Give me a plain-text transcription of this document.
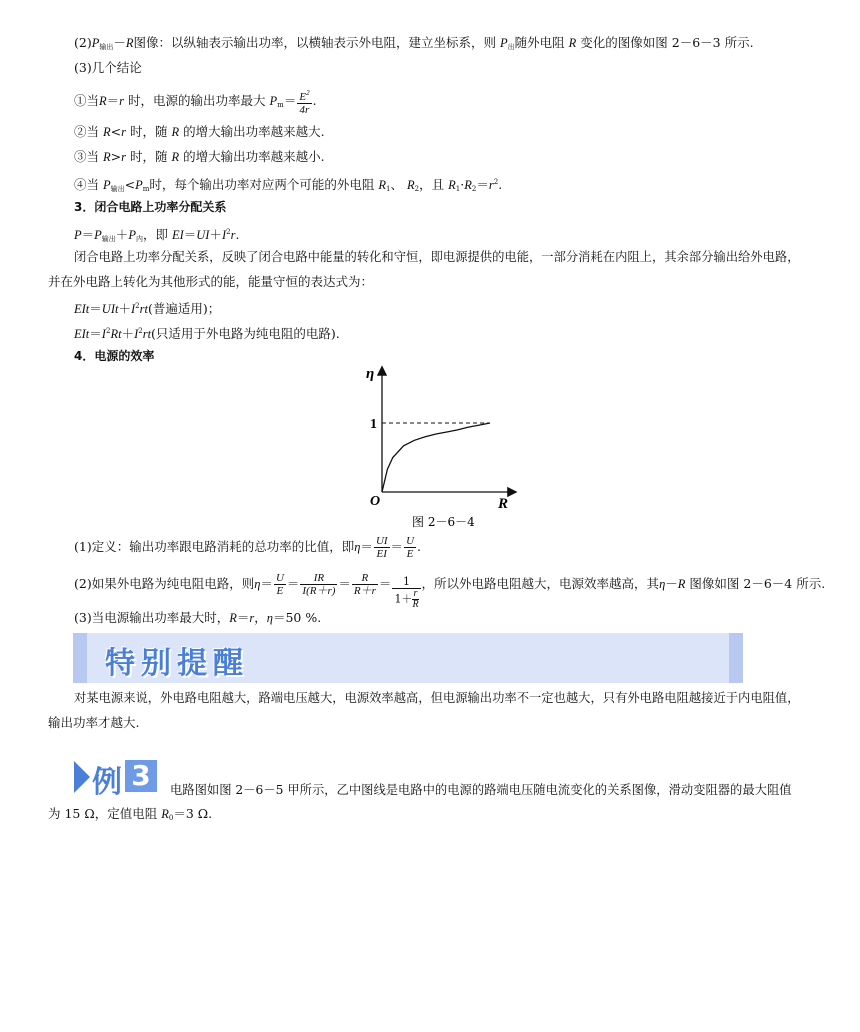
$(2)P_{输出}-R$图像：以纵轴表示输出功率，以横轴表示外电阻，建立坐标系，则 $P_出$随外电阻 R 变化的图像如图 2－6－3 所示.
(3)几个结论
①当R＝r 时，电源的输出功率最大 $P_m= \frac{E^2}{4r}$ .
②当 R<r 时，随 R 的增大输出功率越来越大.
③当 R>r 时，随 R 的增大输出功率越来越小.
④当 $P_{输出}<P_m$时，每个输出功率对应两个可能的外电阻 $R_1$、 $R_2$，且 $R_1\cdot R_2=r^2$.
3．闭合电路上功率分配关系
$P=P_{输出}+P_内$，即 $EI=UI+I^2r$.
闭合电路上功率分配关系，反映了闭合电路中能量的转化和守恒，即电源提供的电能，一部分消耗在内阻上，其余部分输出给外电路，
并在外电路上转化为其他形式的能，能量守恒的表达式为：
$EIt=UIt+I^2rt$(普遍适用)；
$EIt=I^2Rt+I^2rt$(只适用于外电路为纯电阻的电路).
4．电源的效率
η
R
O
1
图 2－6－4
(1)定义：输出功率跟电路消耗的总功率的比值，即$\eta= \frac{UI}{EI} = \frac{U}{E}$ .
(2)如果外电路为纯电阻电路，则$\eta= \frac{U}{E} = \frac{IR}{I(R+r)} = \frac{R}{R+r} = \frac{1}{1+ \frac{r}{R}}$ ，所以外电路电阻越大，电源效率越高，其η－R 图像如图 2－6－4 所示.
(3)当电源输出功率最大时，R＝r，η＝50 %.
特别提醒
对某电源来说，外电路电阻越大，路端电压越大，电源效率越高，但电源输出功率不一定也越大，只有外电路电阻越接近于内电阻值，
输出功率才越大.
例 3	电路图如图 2－6－5 甲所示，乙中图线是电路中的电源的路端电压随电流变化的关系图像，滑动变阻器的最大阻值
为 15 Ω，定值电阻 $R_0=3$ Ω.
